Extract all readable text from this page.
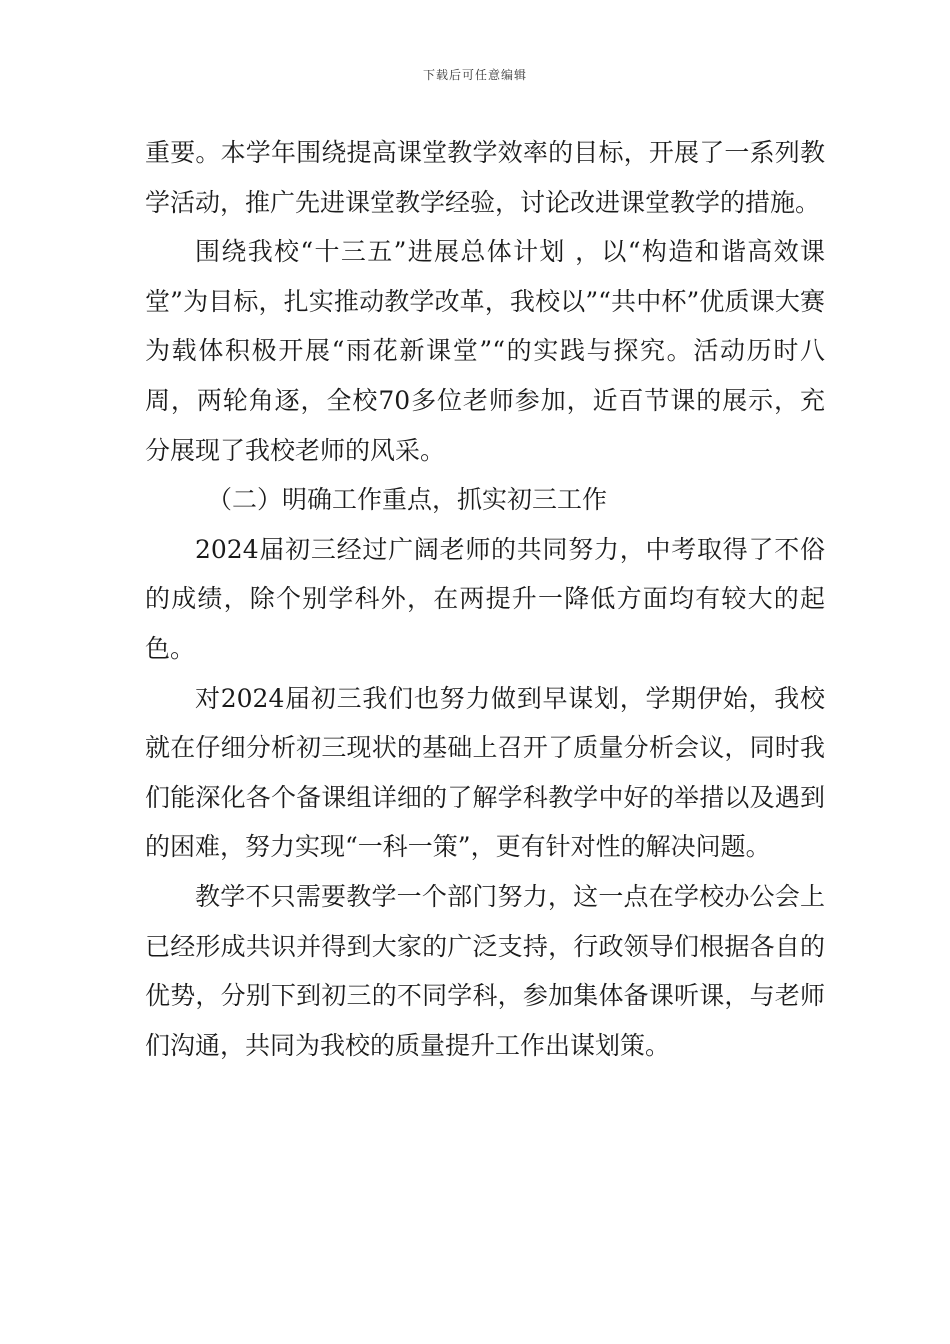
下载后可任意编辑

重要。本学年围绕提高课堂教学效率的目标，开展了一系列教学活动，推广先进课堂教学经验，讨论改进课堂教学的措施。

围绕我校“十三五”进展总体计划 ，以“构造和谐高效课堂”为目标，扎实推动教学改革，我校以”“共中杯”优质课大赛为载体积极开展“雨花新课堂”“的实践与探究。活动历时八周，两轮角逐，全校70多位老师参加，近百节课的展示，充分展现了我校老师的风采。

（二）明确工作重点，抓实初三工作

2024届初三经过广阔老师的共同努力，中考取得了不俗的成绩，除个别学科外，在两提升一降低方面均有较大的起色。

对2024届初三我们也努力做到早谋划，学期伊始，我校就在仔细分析初三现状的基础上召开了质量分析会议，同时我们能深化各个备课组详细的了解学科教学中好的举措以及遇到的困难，努力实现“一科一策”，更有针对性的解决问题。

教学不只需要教学一个部门努力，这一点在学校办公会上已经形成共识并得到大家的广泛支持，行政领导们根据各自的优势，分别下到初三的不同学科，参加集体备课听课，与老师们沟通，共同为我校的质量提升工作出谋划策。
